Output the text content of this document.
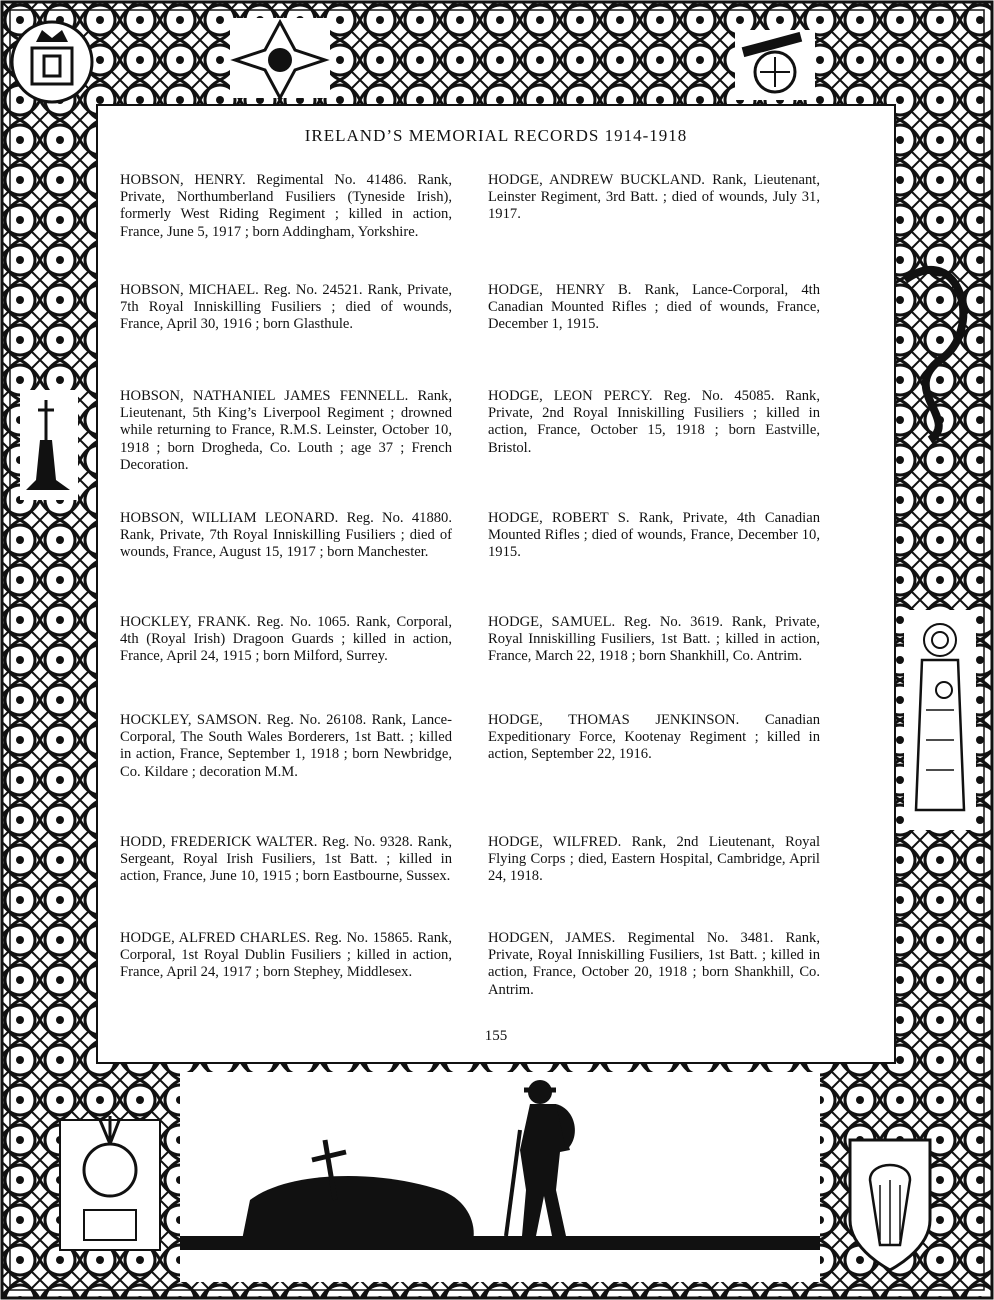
IRELAND’S MEMORIAL RECORDS 1914-1918

HOBSON, HENRY. Regimental No. 41486. Rank, Private, Northumberland Fusiliers (Tyneside Irish), formerly West Riding Regiment ; killed in action, France, June 5, 1917 ; born Addingham, Yorkshire.

HODGE, ANDREW BUCKLAND. Rank, Lieutenant, Leinster Regiment, 3rd Batt. ; died of wounds, July 31, 1917.

HOBSON, MICHAEL. Reg. No. 24521. Rank, Private, 7th Royal Inniskilling Fusiliers ; died of wounds, France, April 30, 1916 ; born Glasthule.

HODGE, HENRY B. Rank, Lance-Corporal, 4th Canadian Mounted Rifles ; died of wounds, France, December 1, 1915.

HOBSON, NATHANIEL JAMES FENNELL. Rank, Lieutenant, 5th King’s Liverpool Regiment ; drowned while returning to France, R.M.S. Leinster, October 10, 1918 ; born Drogheda, Co. Louth ; age 37 ; French Decoration.

HODGE, LEON PERCY. Reg. No. 45085. Rank, Private, 2nd Royal Inniskilling Fusiliers ; killed in action, France, October 15, 1918 ; born Eastville, Bristol.

HOBSON, WILLIAM LEONARD. Reg. No. 41880. Rank, Private, 7th Royal Inniskilling Fusiliers ; died of wounds, France, August 15, 1917 ; born Manchester.

HODGE, ROBERT S. Rank, Private, 4th Canadian Mounted Rifles ; died of wounds, France, December 10, 1915.

HOCKLEY, FRANK. Reg. No. 1065. Rank, Corporal, 4th (Royal Irish) Dragoon Guards ; killed in action, France, April 24, 1915 ; born Milford, Surrey.

HODGE, SAMUEL. Reg. No. 3619. Rank, Private, Royal Inniskilling Fusiliers, 1st Batt. ; killed in action, France, March 22, 1918 ; born Shankhill, Co. Antrim.

HOCKLEY, SAMSON. Reg. No. 26108. Rank, Lance-Corporal, The South Wales Borderers, 1st Batt. ; killed in action, France, September 1, 1918 ; born Newbridge, Co. Kildare ; decoration M.M.

HODGE, THOMAS JENKINSON. Canadian Expeditionary Force, Kootenay Regiment ; killed in action, September 22, 1916.

HODD, FREDERICK WALTER. Reg. No. 9328. Rank, Sergeant, Royal Irish Fusiliers, 1st Batt. ; killed in action, France, June 10, 1915 ; born Eastbourne, Sussex.

HODGE, WILFRED. Rank, 2nd Lieutenant, Royal Flying Corps ; died, Eastern Hospital, Cambridge, April 24, 1918.

HODGE, ALFRED CHARLES. Reg. No. 15865. Rank, Corporal, 1st Royal Dublin Fusiliers ; killed in action, France, April 24, 1917 ; born Stephey, Middlesex.

HODGEN, JAMES. Regimental No. 3481. Rank, Private, Royal Inniskilling Fusiliers, 1st Batt. ; killed in action, France, October 20, 1918 ; born Shankhill, Co. Antrim.

155
